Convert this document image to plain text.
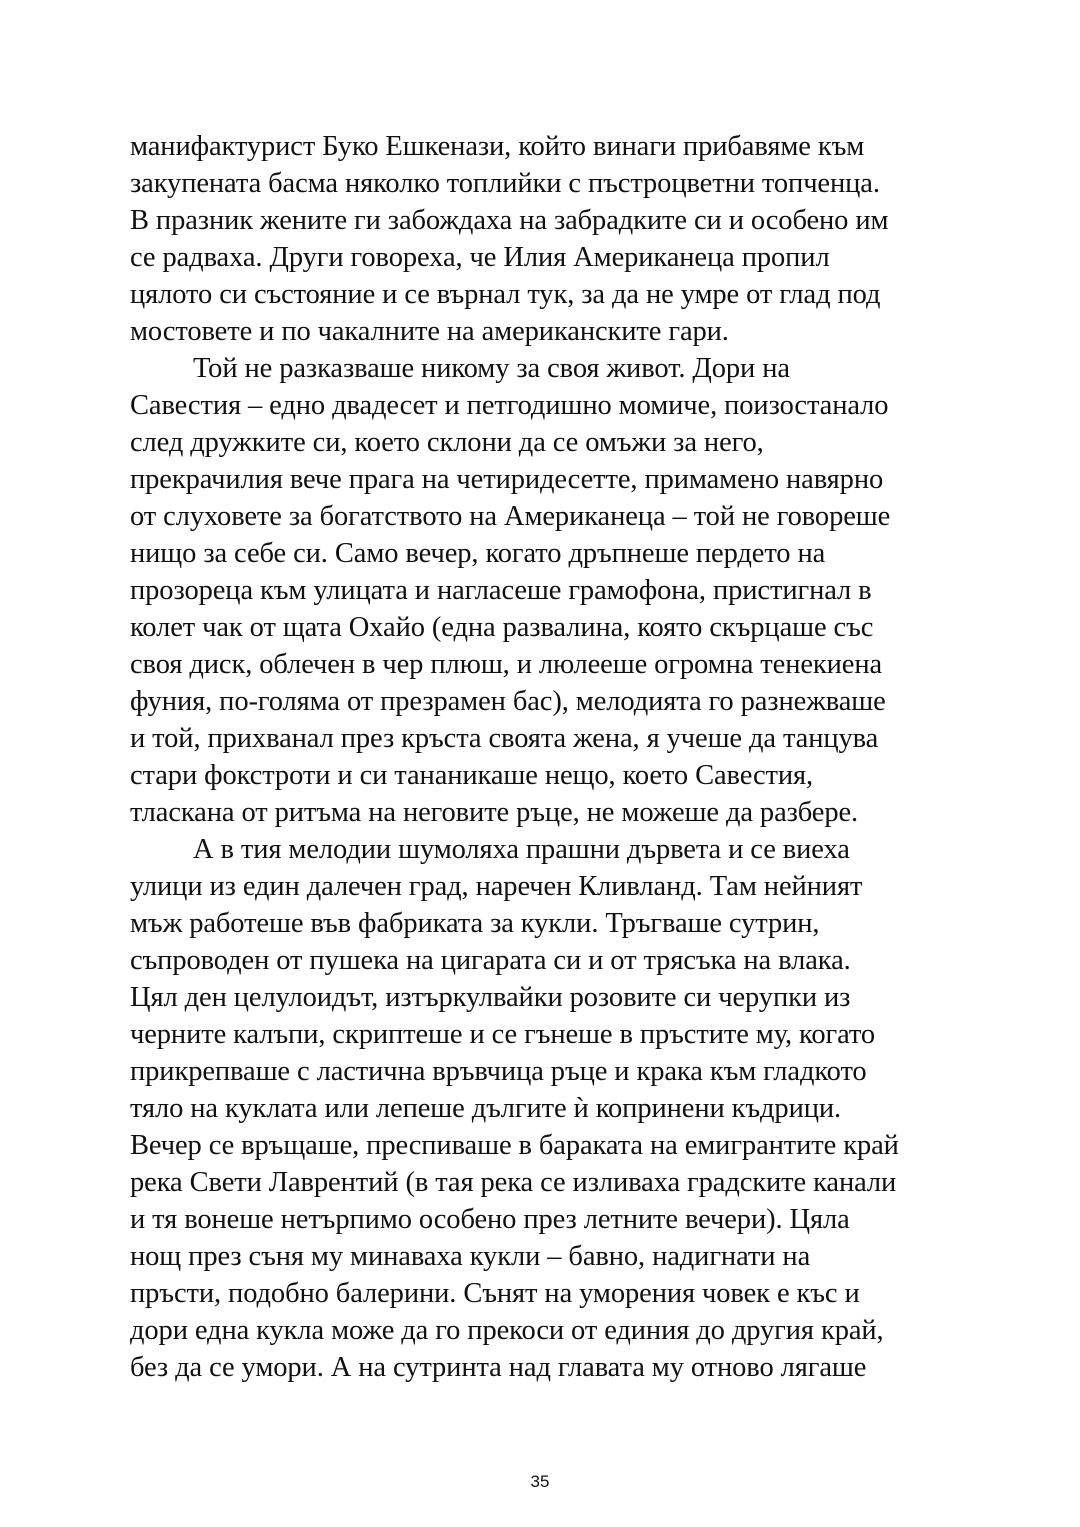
манифактурист Буко Ешкенази, който винаги прибавяме към
закупената басма няколко топлийки с пъстроцветни топченца.
В празник жените ги забождаха на забрадките си и особено им
се радваха. Други говореха, че Илия Американеца пропил
цялото си състояние и се върнал тук, за да не умре от глад под
мостовете и по чакалните на американските гари.
Той не разказваше никому за своя живот. Дори на
Савестия – едно двадесет и петгодишно момиче, поизостанало
след дружките си, което склони да се омъжи за него,
прекрачилия вече прага на четиридесетте, примамено навярно
от слуховете за богатството на Американеца – той не говореше
нищо за себе си. Само вечер, когато дръпнеше пердето на
прозореца към улицата и нагласеше грамофона, пристигнал в
колет чак от щата Охайо (една развалина, която скърцаше със
своя диск, облечен в чер плюш, и люлееше огромна тенекиена
фуния, по-голяма от презрамен бас), мелодията го разнежваше
и той, прихванал през кръста своята жена, я учеше да танцува
стари фокстроти и си тананикаше нещо, което Савестия,
тласкана от ритъма на неговите ръце, не можеше да разбере.
А в тия мелодии шумоляха прашни дървета и се виеха
улици из един далечен град, наречен Кливланд. Там нейният
мъж работеше във фабриката за кукли. Тръгваше сутрин,
съпроводен от пушека на цигарата си и от трясъка на влака.
Цял ден целулоидът, изтъркулвайки розовите си черупки из
черните калъпи, скриптеше и се гънеше в пръстите му, когато
прикрепваше с ластична връвчица ръце и крака към гладкото
тяло на куклата или лепеше дългите ѝ копринени къдрици.
Вечер се връщаше, преспиваше в бараката на емигрантите край
река Свети Лаврентий (в тая река се изливаха градските канали
и тя вонеше нетърпимо особено през летните вечери). Цяла
нощ през съня му минаваха кукли – бавно, надигнати на
пръсти, подобно балерини. Сънят на уморения човек е къс и
дори една кукла може да го прекоси от единия до другия край,
без да се умори. А на сутринта над главата му отново лягаше
35
